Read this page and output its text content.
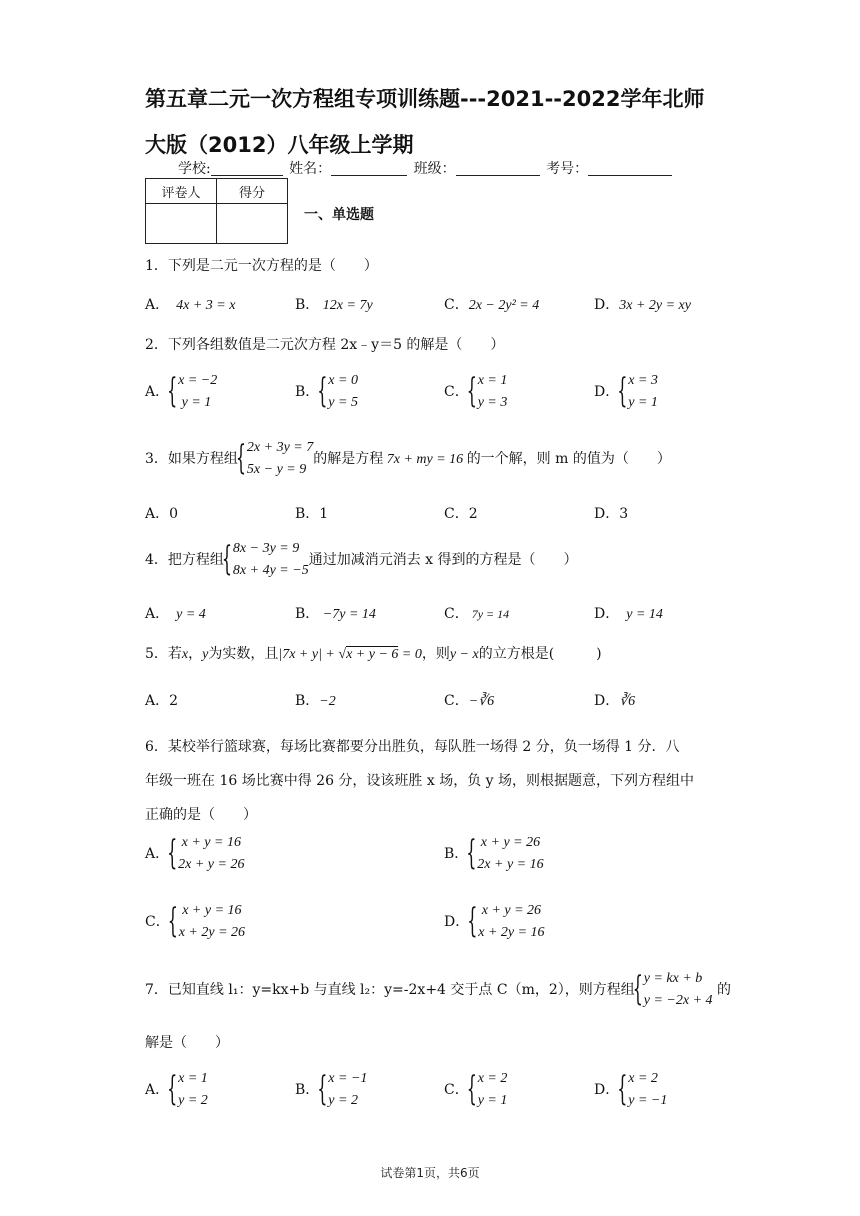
第五章二元一次方程组专项训练题---2021--2022学年北师大版（2012）八年级上学期
学校:	姓名：	班级：	考号：
评卷人	得分

一、单选题
1．下列是二元一次方程的是（　　）
A．  4x + 3 = x	B． 12x = 7y	C．2x − 2y² = 4	D．3x + 2y = xy
2．下列各组数值是二元次方程 2x﹣y＝5 的解是（　　）
A．
{ x = −2
y = 1
B．
{ x = 0
y = 5
C．
{ x = 1
y = 3
D．
{ x = 3
y = 1
3．如果方程组
{ 2x + 3y = 7
5x − y = 9
的解是方程 7x + my = 16 的一个解，则 m 的值为（　　）
A．0	B．1	C．2	D．3
4．把方程组
{ 8x − 3y = 9
8x + 4y = −5
通过加减消元消去 x 得到的方程是（　　）
A．  y = 4	B． −7y = 14	C． 7y = 14	D．  y = 14
5．若x，y为实数，且|7x + y| + √x + y − 6 = 0，则y − x的立方根是(　　　)
A．2	B．−2	C．−∛6	D．∛6
6．某校举行篮球赛，每场比赛都要分出胜负，每队胜一场得 2 分，负一场得 1 分．八
年级一班在 16 场比赛中得 26 分，设该班胜 x 场，负 y 场，则根据题意，下列方程组中
正确的是（　　）
A．
{  x + y = 16
2x + y = 26
B．
{  x + y = 26
2x + y = 16
C．
{  x + y = 16
x + 2y = 26
D．
{  x + y = 26
x + 2y = 16
7．已知直线 l₁：y=kx+b 与直线 l₂：y=-2x+4 交于点 C（m，2），则方程组
{ y = kx + b
y = −2x + 4
的
解是（　　）
A．
{ x = 1
y = 2
B．
{ x = −1
y = 2
C．
{ x = 2
y = 1
D．
{ x = 2
y = −1
试卷第1页，共6页
